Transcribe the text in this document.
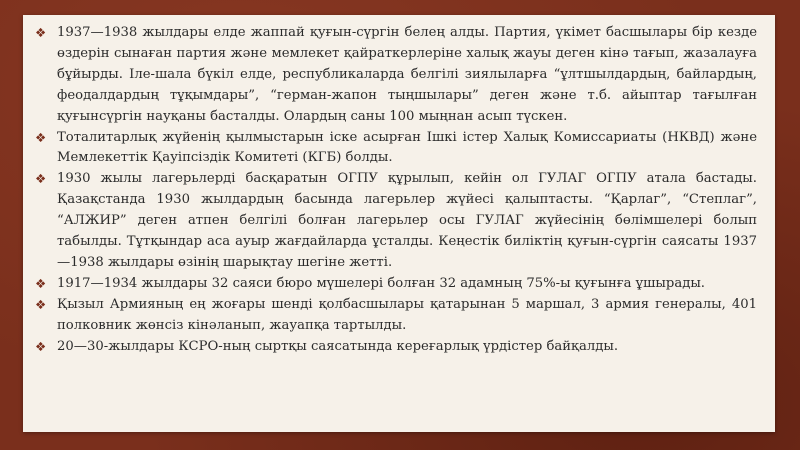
❖ 1937—1938 жылдары елде жаппай қуғын-сүргін белең алды. Партия, үкімет басшылары бір кезде өздерін сынаған партия және мемлекет қайраткерлеріне халық жауы деген кінә тағып, жазалауға бұйырды. Іле-шала бүкіл елде, республикаларда белгілі зиялыларға “ұлтшылдардың, байлардың, феодалдардың тұқымдары”, “герман-жапон тыңшылары” деген және т.б. айыптар тағылған қуғынсүргін науқаны басталды. Олардың саны 100 мыңнан асып түскен.
❖ Тоталитарлық жүйенің қылмыстарын іске асырған Ішкі істер Халық Комиссариаты (НКВД) және Мемлекеттік Қауіпсіздік Комитеті (КГБ) болды.
❖ 1930 жылы лагерьлерді басқаратын ОГПУ құрылып, кейін ол ГУЛАГ ОГПУ атала бастады. Қазақстанда 1930 жылдардың басында лагерьлер жүйесі қалыптасты. “Қарлаг”, “Степлаг”, “АЛЖИР” деген атпен белгілі болған лагерьлер осы ГУЛАГ жүйесінің бөлімшелері болып табылды. Тұтқындар аса ауыр жағдайларда ұсталды. Кеңестік биліктің қуғын-сүргін саясаты 1937—1938 жылдары өзінің шарықтау шегіне жетті.
❖ 1917—1934 жылдары 32 саяси бюро мүшелері болған 32 адамның 75%-ы қуғынға ұшырады.
❖ Қызыл Армияның ең жоғары шенді қолбасшылары қатарынан 5 маршал, 3 армия генералы, 401 полковник жөнсіз кінәланып, жауапқа тартылды.
❖ 20—30-жылдары КСРО-ның сыртқы саясатында кереғарлық үрдістер байқалды.
